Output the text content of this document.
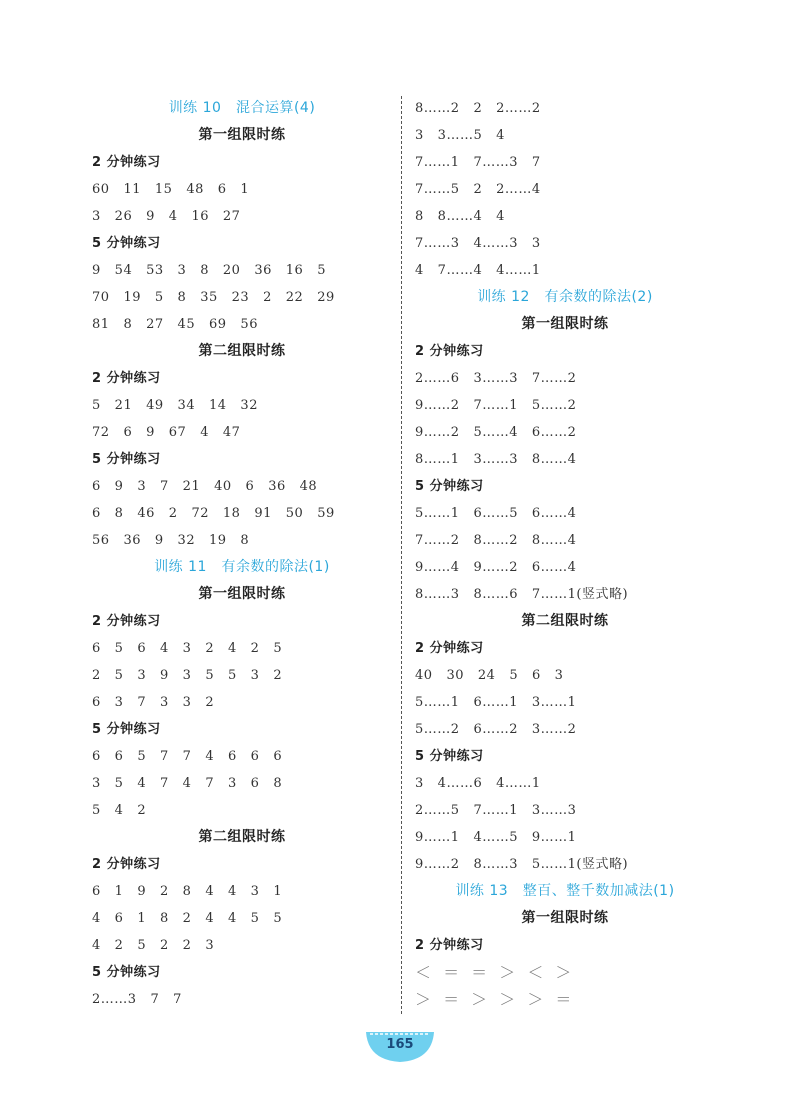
训练 10　混合运算(4)
第一组限时练
2 分钟练习
60   11   15   48   6   1
3   26   9   4   16   27
5 分钟练习
9   54   53   3   8   20   36   16   5
70   19   5   8   35   23   2   22   29
81   8   27   45   69   56
第二组限时练
2 分钟练习
5   21   49   34   14   32
72   6   9   67   4   47
5 分钟练习
6   9   3   7   21   40   6   36   48
6   8   46   2   72   18   91   50   59
56   36   9   32   19   8
训练 11　有余数的除法(1)
第一组限时练
2 分钟练习
6   5   6   4   3   2   4   2   5
2   5   3   9   3   5   5   3   2
6   3   7   3   3   2
5 分钟练习
6   6   5   7   7   4   6   6   6
3   5   4   7   4   7   3   6   8
5   4   2
第二组限时练
2 分钟练习
6   1   9   2   8   4   4   3   1
4   6   1   8   2   4   4   5   5
4   2   5   2   2   3
5 分钟练习
2……3   7   7
8……2   2   2……2
3   3……5   4
7……1   7……3   7
7……5   2   2……4
8   8……4   4
7……3   4……3   3
4   7……4   4……1
训练 12　有余数的除法(2)
第一组限时练
2 分钟练习
2……6   3……3   7……2
9……2   7……1   5……2
9……2   5……4   6……2
8……1   3……3   8……4
5 分钟练习
5……1   6……5   6……4
7……2   8……2   8……4
9……4   9……2   6……4
8……3   8……6   7……1(竖式略)
第二组限时练
2 分钟练习
40   30   24   5   6   3
5……1   6……1   3……1
5……2   6……2   3……2
5 分钟练习
3   4……6   4……1
2……5   7……1   3……3
9……1   4……5   9……1
9……2   8……3   5……1(竖式略)
训练 13　整百、整千数加减法(1)
第一组限时练
2 分钟练习
＜ ＝ ＝ ＞ ＜ ＞
＞ ＝ ＞ ＞ ＞ ＝
165
